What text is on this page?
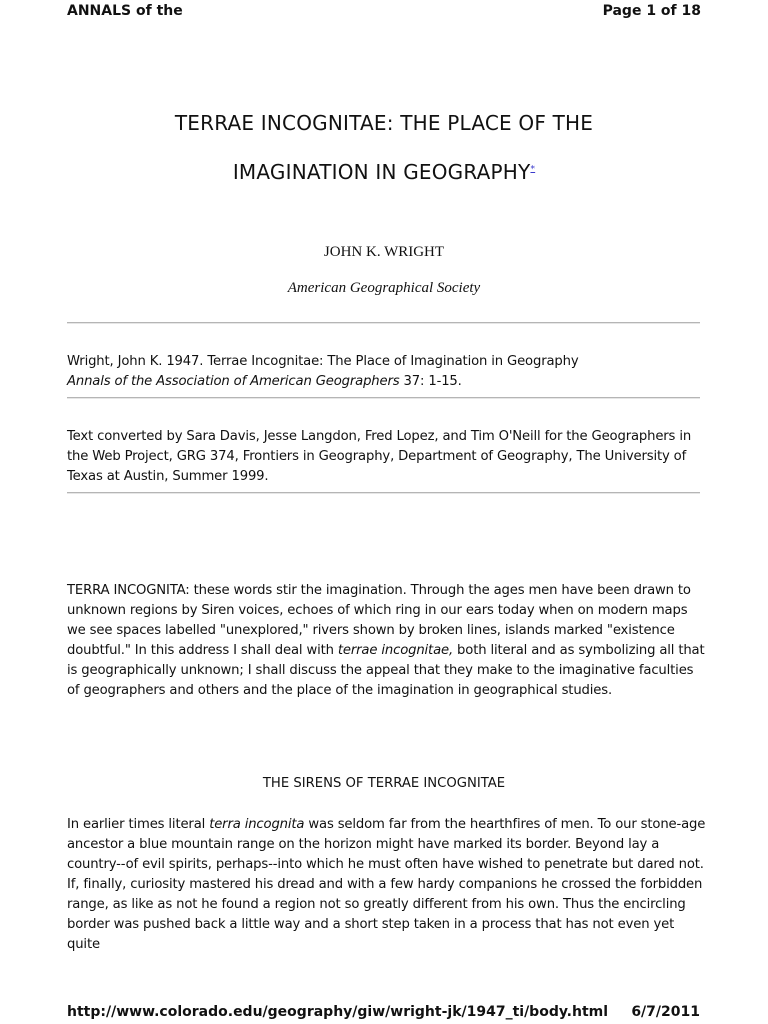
ANNALS of the	Page 1 of 18
TERRAE INCOGNITAE: THE PLACE OF THE
IMAGINATION IN GEOGRAPHY*
JOHN K. WRIGHT
American Geographical Society

Wright, John K. 1947. Terrae Incognitae: The Place of Imagination in Geography

Annals of the Association of American Geographers 37: 1-15.

Text converted by Sara Davis, Jesse Langdon, Fred Lopez, and Tim O'Neill for the Geographers in the Web Project, GRG 374, Frontiers in Geography, Department of Geography, The University of Texas at Austin, Summer 1999.

TERRA INCOGNITA: these words stir the imagination. Through the ages men have been drawn to unknown regions by Siren voices, echoes of which ring in our ears today when on modern maps we see spaces labelled "unexplored," rivers shown by broken lines, islands marked "existence doubtful." In this address I shall deal with terrae incognitae, both literal and as symbolizing all that is geographically unknown; I shall discuss the appeal that they make to the imaginative faculties of geographers and others and the place of the imagination in geographical studies.

THE SIRENS OF TERRAE INCOGNITAE

In earlier times literal terra incognita was seldom far from the hearthfires of men. To our stone-age ancestor a blue mountain range on the horizon might have marked its border. Beyond lay a country--of evil spirits, perhaps--into which he must often have wished to penetrate but dared not. If, finally, curiosity mastered his dread and with a few hardy companions he crossed the forbidden range, as like as not he found a region not so greatly different from his own. Thus the encircling border was pushed back a little way and a short step taken in a process that has not even yet quite

http://www.colorado.edu/geography/giw/wright-jk/1947_ti/body.html 6/7/2011
